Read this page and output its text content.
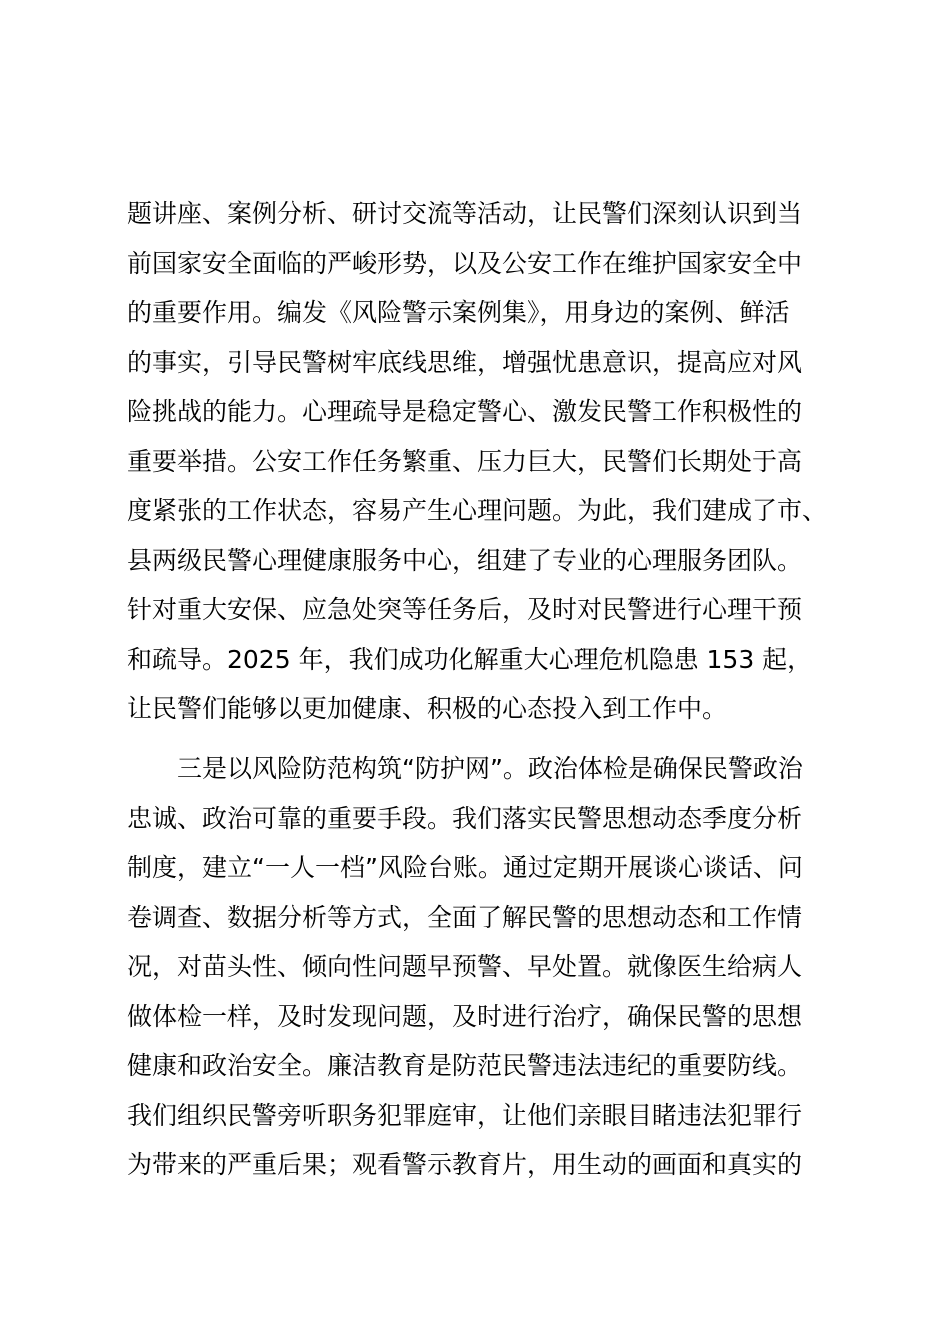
题讲座、案例分析、研讨交流等活动，让民警们深刻认识到当
前国家安全面临的严峻形势，以及公安工作在维护国家安全中
的重要作用。编发《风险警示案例集》，用身边的案例、鲜活
的事实，引导民警树牢底线思维，增强忧患意识，提高应对风
险挑战的能力。心理疏导是稳定警心、激发民警工作积极性的
重要举措。公安工作任务繁重、压力巨大，民警们长期处于高
度紧张的工作状态，容易产生心理问题。为此，我们建成了市、
县两级民警心理健康服务中心，组建了专业的心理服务团队。
针对重大安保、应急处突等任务后，及时对民警进行心理干预
和疏导。2025 年，我们成功化解重大心理危机隐患 153 起，
让民警们能够以更加健康、积极的心态投入到工作中。
三是以风险防范构筑“防护网”。政治体检是确保民警政治
忠诚、政治可靠的重要手段。我们落实民警思想动态季度分析
制度，建立“一人一档”风险台账。通过定期开展谈心谈话、问
卷调查、数据分析等方式，全面了解民警的思想动态和工作情
况，对苗头性、倾向性问题早预警、早处置。就像医生给病人
做体检一样，及时发现问题，及时进行治疗，确保民警的思想
健康和政治安全。廉洁教育是防范民警违法违纪的重要防线。
我们组织民警旁听职务犯罪庭审，让他们亲眼目睹违法犯罪行
为带来的严重后果；观看警示教育片，用生动的画面和真实的
